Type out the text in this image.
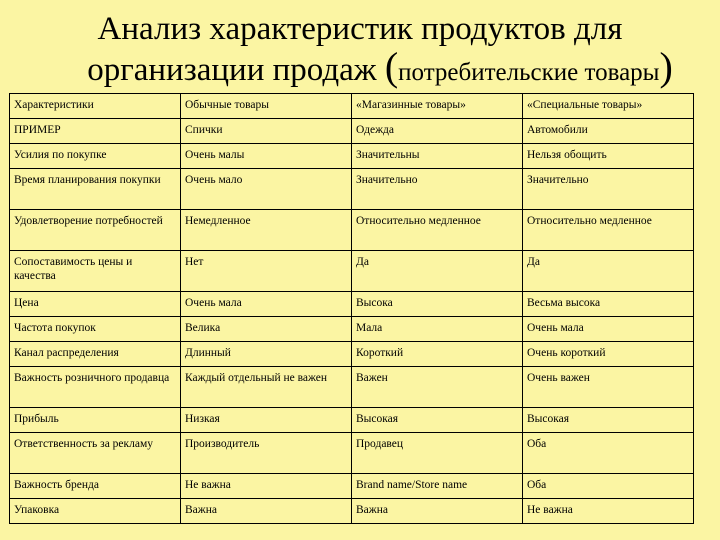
Анализ характеристик продуктов для
организации продаж (потребительские товары)
Характеристики	Обычные товары	«Магазинные товары»	«Специальные товары»
ПРИМЕР	Спички	Одежда	Автомобили
Усилия по покупке	Очень малы	Значительны	Нельзя обощить
Время планирования покупки	Очень мало	Значительно	Значительно
Удовлетворение потребностей	Немедленное	Относительно медленное	Относительно медленное
Сопоставимость цены и качества	Нет	Да	Да
Цена	Очень мала	Высока	Весьма высока
Частота покупок	Велика	Мала	Очень мала
Канал распределения	Длинный	Короткий	Очень короткий
Важность розничного продавца	Каждый отдельный не важен	Важен	Очень важен
Прибыль	Низкая	Высокая	Высокая
Ответственность за рекламу	Производитель	Продавец	Оба
Важность бренда	Не важна	Brand name/Store name	Оба
Упаковка	Важна	Важна	Не важна
